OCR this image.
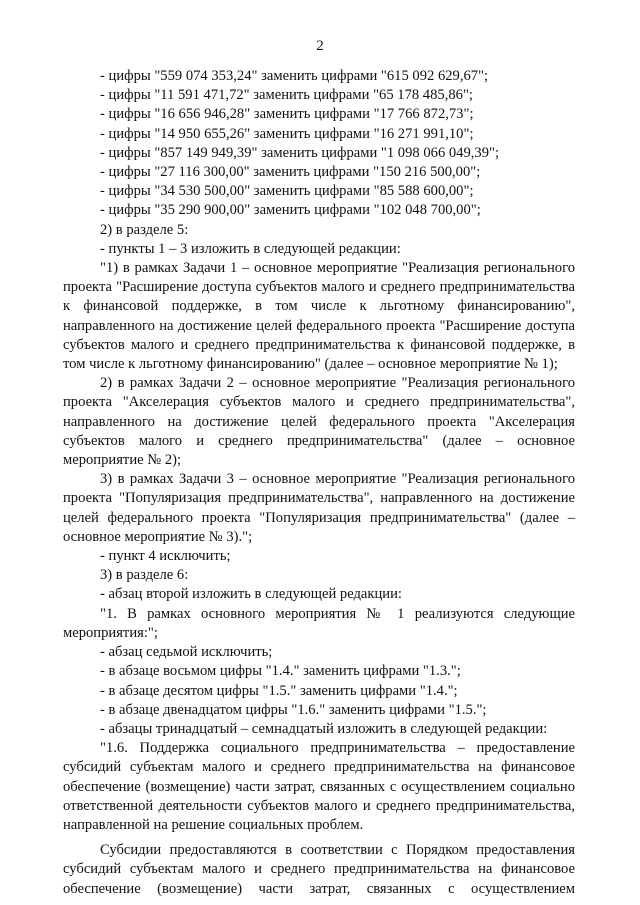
2

- цифры "559 074 353,24" заменить цифрами "615 092 629,67";

- цифры "11 591 471,72" заменить цифрами "65 178 485,86";

- цифры "16 656 946,28" заменить цифрами "17 766 872,73";

- цифры "14 950 655,26" заменить цифрами "16 271 991,10";

- цифры "857 149 949,39" заменить цифрами "1 098 066 049,39";

- цифры "27 116 300,00" заменить цифрами "150 216 500,00";

- цифры "34 530 500,00" заменить цифрами "85 588 600,00";

- цифры "35 290 900,00" заменить цифрами "102 048 700,00";

2) в разделе 5:

- пункты 1 – 3 изложить в следующей редакции:

"1) в рамках Задачи 1 – основное мероприятие "Реализация регионального проекта "Расширение доступа субъектов малого и среднего предпринимательства к финансовой поддержке, в том числе к льготному финансированию", направленного на достижение целей федерального проекта "Расширение доступа субъектов малого и среднего предпринимательства к финансовой поддержке, в том числе к льготному финансированию" (далее – основное мероприятие № 1);

2) в рамках Задачи 2 – основное мероприятие "Реализация регионального проекта "Акселерация субъектов малого и среднего предпринимательства", направленного на достижение целей федерального проекта "Акселерация субъектов малого и среднего предпринимательства" (далее – основное мероприятие № 2);

3) в рамках Задачи 3 – основное мероприятие "Реализация регионального проекта "Популяризация предпринимательства", направленного на достижение целей федерального проекта "Популяризация предпринимательства" (далее – основное мероприятие № 3).";

- пункт 4 исключить;

3) в разделе 6:

- абзац второй изложить в следующей редакции:

"1. В рамках основного мероприятия № 1 реализуются следующие мероприятия:";

- абзац седьмой исключить;

- в абзаце восьмом цифры "1.4." заменить цифрами "1.3.";

- в абзаце десятом цифры "1.5." заменить цифрами "1.4.";

- в абзаце двенадцатом цифры "1.6." заменить цифрами "1.5.";

- абзацы тринадцатый – семнадцатый изложить в следующей редакции:

"1.6. Поддержка социального предпринимательства – предоставление субсидий субъектам малого и среднего предпринимательства на финансовое обеспечение (возмещение) части затрат, связанных с осуществлением социально ответственной деятельности субъектов малого и среднего предпринимательства, направленной на решение социальных проблем.

Субсидии предоставляются в соответствии с Порядком предоставления субсидий субъектам малого и среднего предпринимательства на финансовое обеспечение (возмещение) части затрат, связанных с осуществлением
